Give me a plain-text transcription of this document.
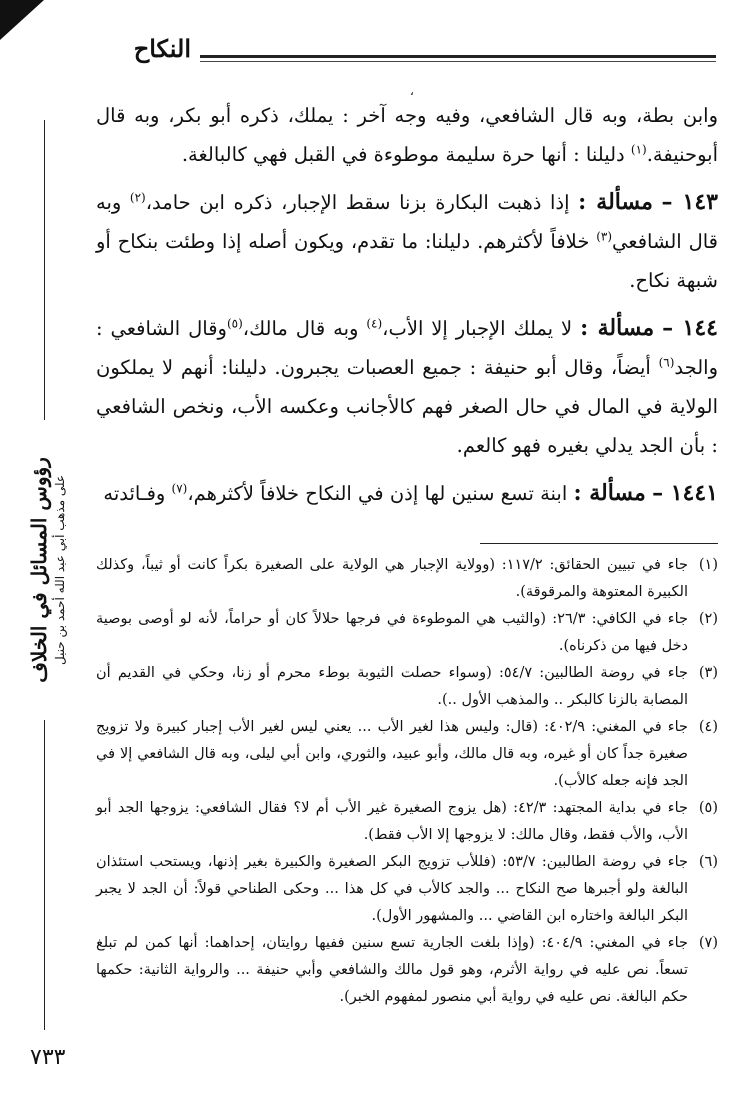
النكاح
،

وابن بطة، وبه قال الشافعي، وفيه وجه آخر : يملك، ذكره أبو بكر، وبه قال أبوحنيفة.$^{(١)}$ دليلنا : أنها حرة سليمة موطوءة في القبل فهي كالبالغة.

١٤٣ – مسألة : إذا ذهبت البكارة بزنا سقط الإجبار، ذكره ابن حامد،$^{(٢)}$ وبه قال الشافعي$^{(٣)}$ خلافاً لأكثرهم. دليلنا: ما تقدم، ويكون أصله إذا وطئت بنكاح أو شبهة نكاح.

١٤٤ – مسألة : لا يملك الإجبار إلا الأب،$^{(٤)}$ وبه قال مالك،$^{(٥)}$وقال الشافعي : والجد$^{(٦)}$ أيضاً، وقال أبو حنيفة : جميع العصبات يجبرون. دليلنا: أنهم لا يملكون الولاية في المال في حال الصغر فهم كالأجانب وعكسه الأب، ونخص الشافعي : بأن الجد يدلي بغيره فهو كالعم.

١٤٤١ – مسألة : ابنة تسع سنين لها إذن في النكاح خلافاً لأكثرهم،$^{(٧)}$ وفـائدته

(١)
جاء في تبيين الحقائق: ١١٧/٢: (وولاية الإجبار هي الولاية على الصغيرة بكراً كانت أو ثيباً، وكذلك الكبيرة المعتوهة والمرقوقة).
(٢)
جاء في الكافي: ٢٦/٣: (والثيب هي الموطوءة في فرجها حلالاً كان أو حراماً، لأنه لو أوصى بوصية دخل فيها من ذكرناه).
(٣)
جاء في روضة الطالبين: ٥٤/٧: (وسواء حصلت الثيوبة بوطء محرم أو زنا، وحكي في القديم أن المصابة بالزنا كالبكر .. والمذهب الأول ..).
(٤)
جاء في المغني: ٤٠٢/٩: (قال: وليس هذا لغير الأب ... يعني ليس لغير الأب إجبار كبيرة ولا تزويج صغيرة جداً كان أو غيره، وبه قال مالك، وأبو عبيد، والثوري، وابن أبي ليلى، وبه قال الشافعي إلا في الجد فإنه جعله كالأب).
(٥)
جاء في بداية المجتهد: ٤٢/٣: (هل يزوج الصغيرة غير الأب أم لا؟ فقال الشافعي: يزوجها الجد أبو الأب، والأب فقط، وقال مالك: لا يزوجها إلا الأب فقط).
(٦)
جاء في روضة الطالبين: ٥٣/٧: (فللأب تزويج البكر الصغيرة والكبيرة بغير إذنها، ويستحب استئذان البالغة ولو أجبرها صح النكاح ... والجد كالأب في كل هذا ... وحكى الطناحي قولاً: أن الجد لا يجبر البكر البالغة واختاره ابن القاضي ... والمشهور الأول).
(٧)
جاء في المغني: ٤٠٤/٩: (وإذا بلغت الجارية تسع سنين ففيها روايتان، إحداهما: أنها كمن لم تبلغ تسعاً. نص عليه في رواية الأثرم، وهو قول مالك والشافعي وأبي حنيفة ... والرواية الثانية: حكمها حكم البالغة. نص عليه في رواية أبي منصور لمفهوم الخبر).
رؤوس المسائل في الخلاف على مذهب أبي عبد الله أحمد بن حنبل
٧٣٣
